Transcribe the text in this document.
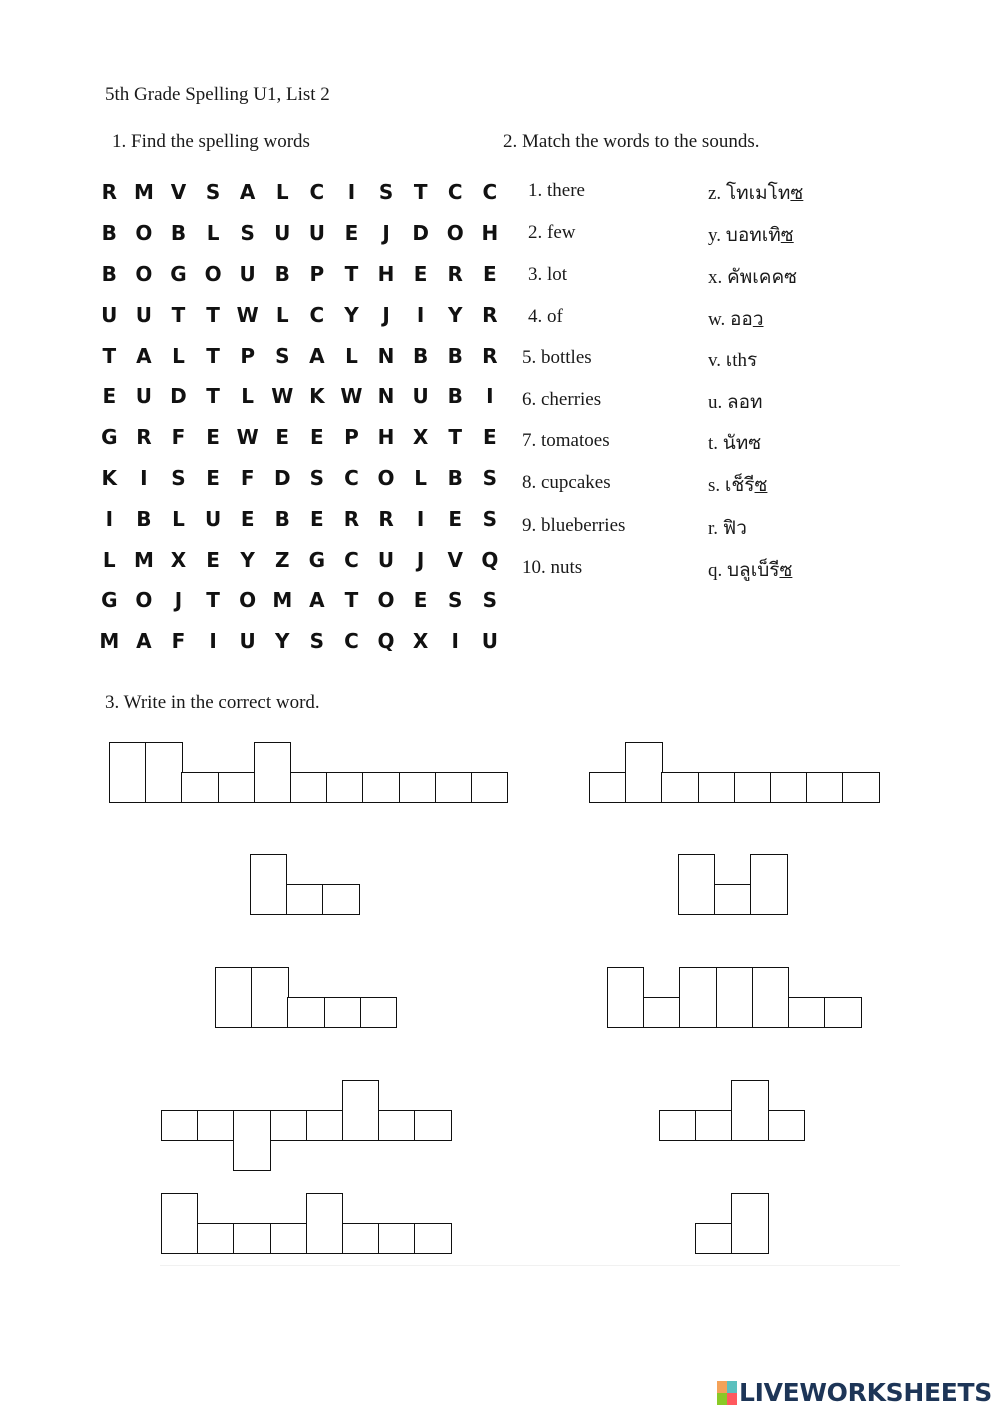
5th Grade Spelling U1, List 2
1. Find the spelling words	2. Match the words to the sounds.
3. Write in the correct word.
R M V S A	L	C	I	S	T	C C
B O B	L	S U U E	J	D O H
B O G O U B P	T H E	R	E
U U T	T W L	C	Y	J	I	Y R
T	A	L	T	P	S A	L N B B R
E U D T	L W K W N U B	I
G R	F	E W E	E	P H X	T	E
K	I	S	E	F D S	C O L	B S
I	B	L	U E	B	E	R R	I	E	S
L M X	E	Y	Z G C U	J	V Q
G O	J	T O M A	T O E	S	S
M A	F	I	U Y	S	C Q X	I	U
1. there
2. few
3. lot
4. of
5. bottles
6. cherries
7. tomatoes
8. cupcakes
9. blueberries
10. nuts
z. โทเมโทซ
y. บอทเทิซ
x. คัพเคคซ
w. ออว
v. เthร
u. ลอท
t. นัทซ
s. เช็รีซ
r. ฟิว
q. บลูเบ็รีซ
LIVEWORKSHEETS
